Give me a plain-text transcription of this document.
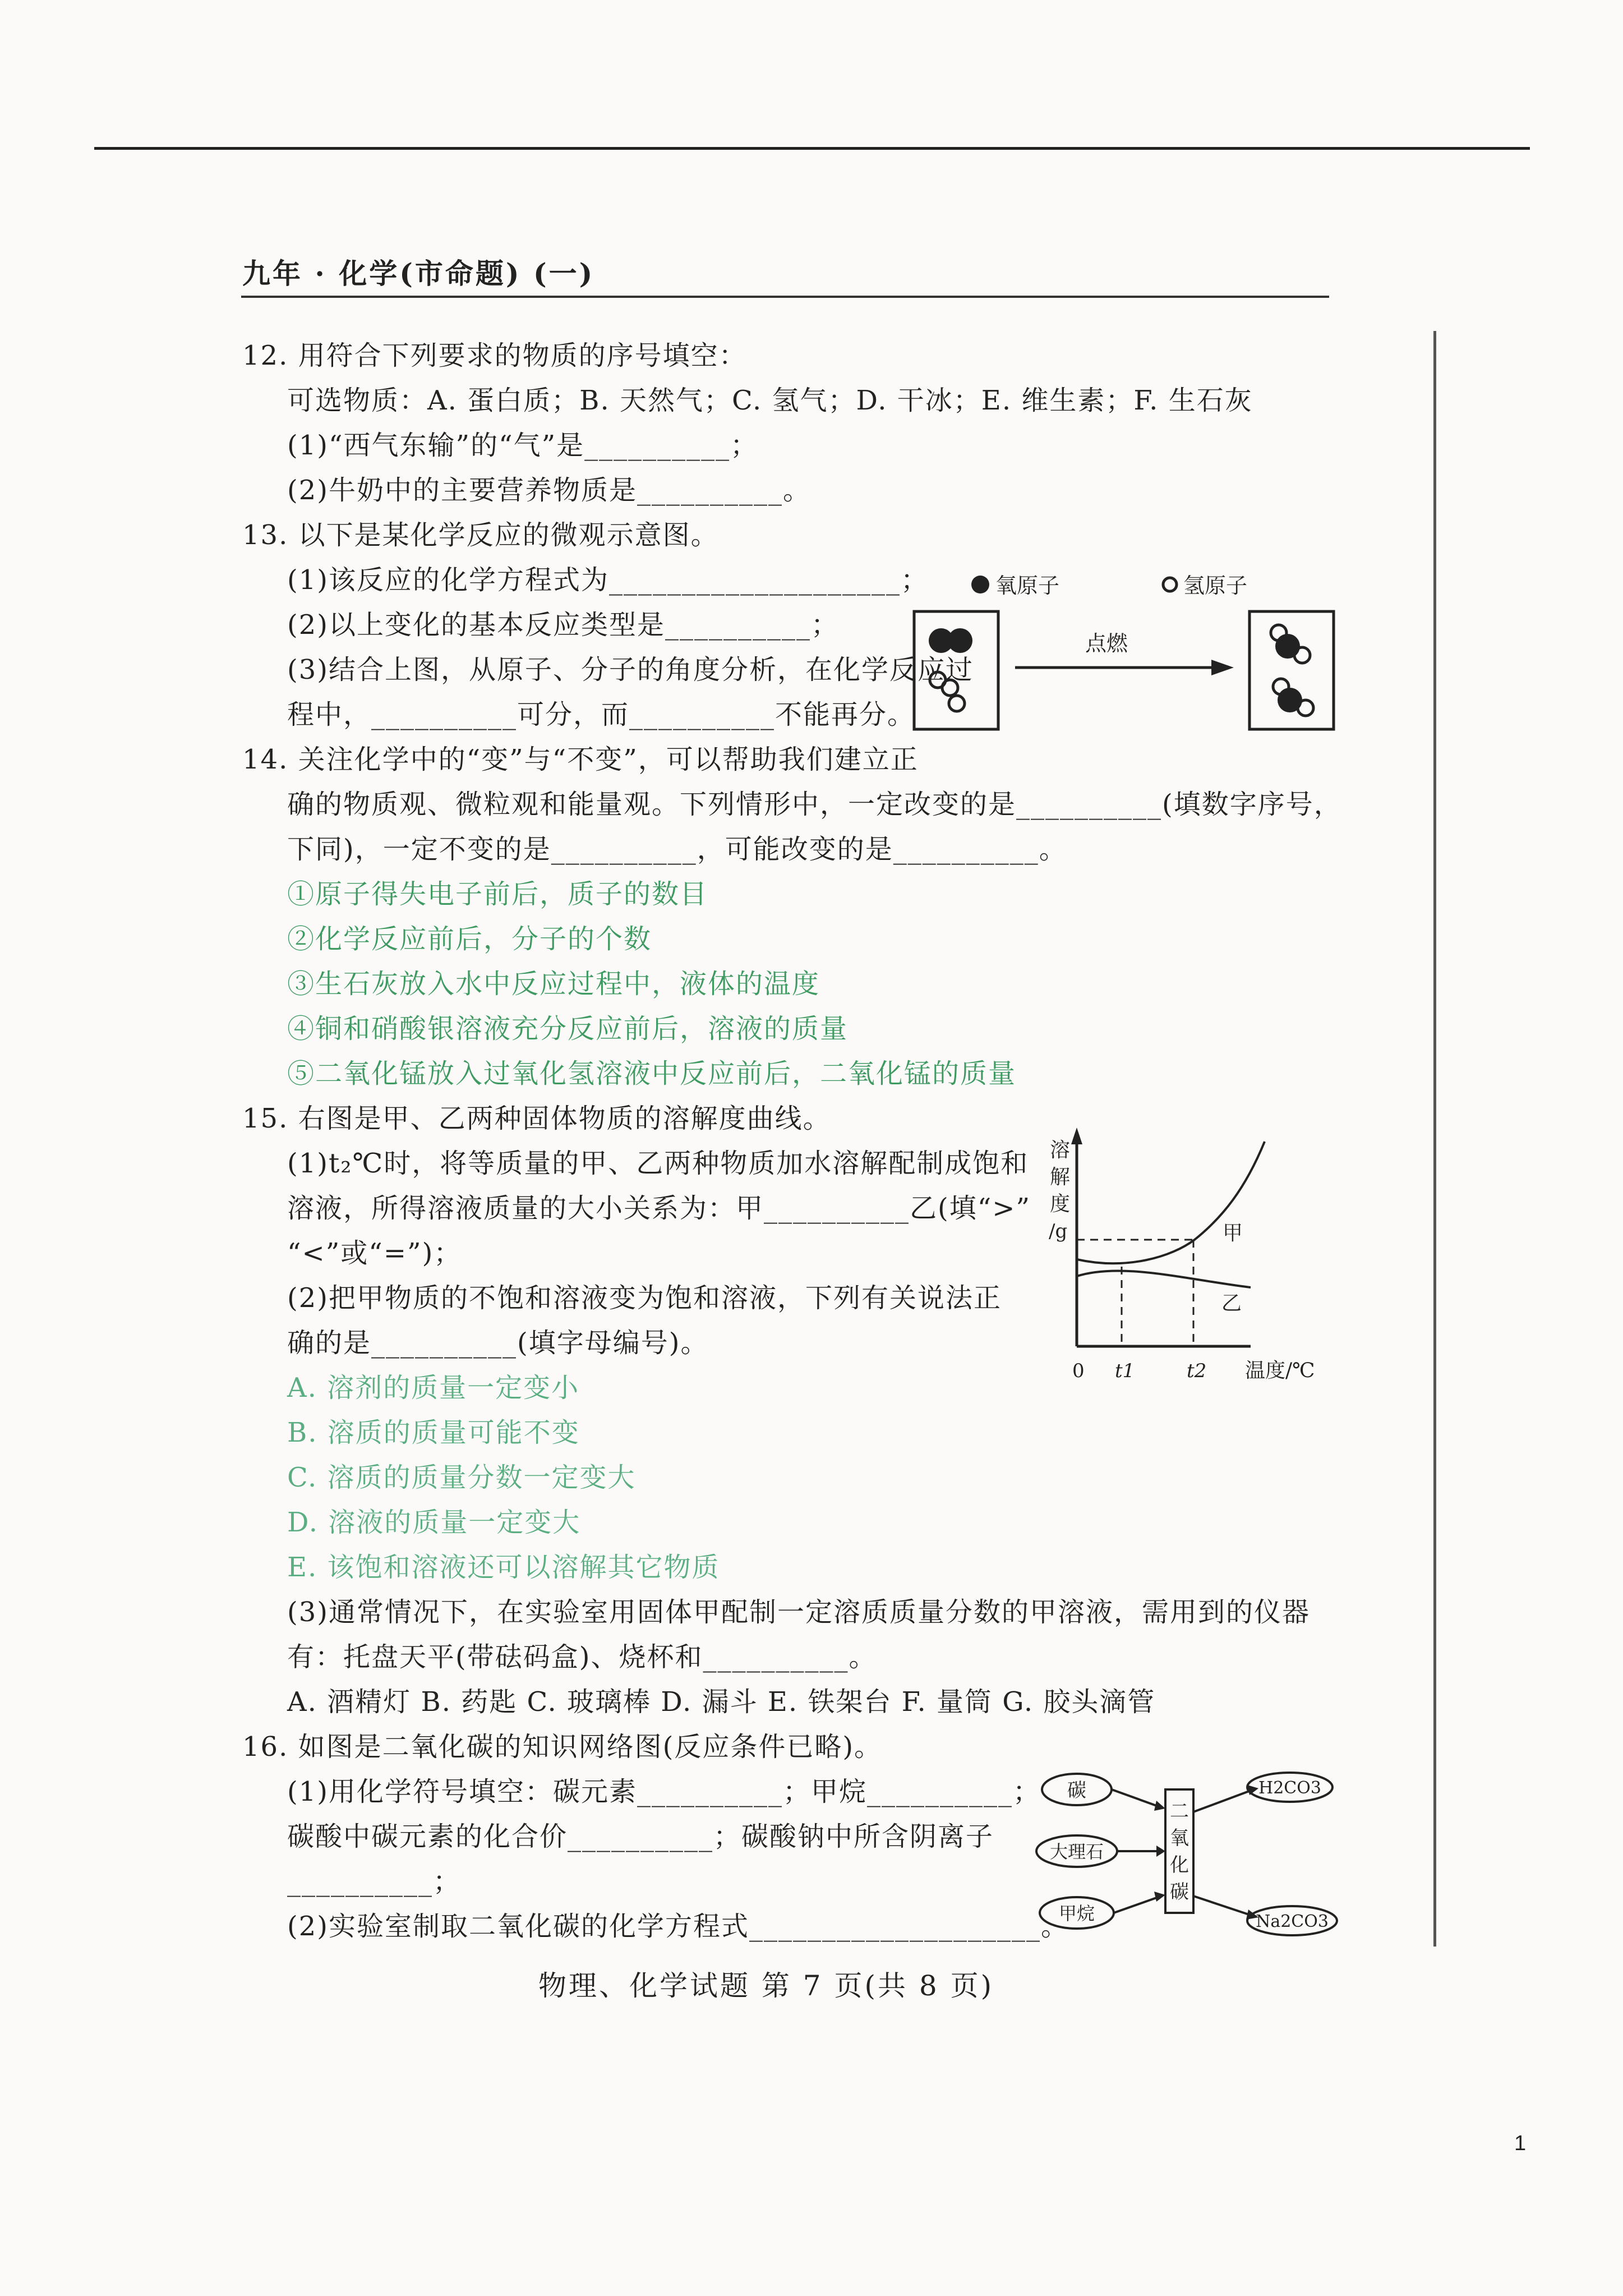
九年 · 化学(市命题) (一)
12. 用符合下列要求的物质的序号填空：
可选物质：A. 蛋白质；B. 天然气；C. 氢气；D. 干冰；E. 维生素；F. 生石灰
(1)“西气东输”的“气”是__________；
(2)牛奶中的主要营养物质是__________。
13. 以下是某化学反应的微观示意图。
(1)该反应的化学方程式为____________________；
(2)以上变化的基本反应类型是__________；
(3)结合上图，从原子、分子的角度分析，在化学反应过
程中，__________可分，而__________不能再分。
14. 关注化学中的“变”与“不变”，可以帮助我们建立正
确的物质观、微粒观和能量观。下列情形中，一定改变的是__________(填数字序号，
下同)，一定不变的是__________，可能改变的是__________。
①原子得失电子前后，质子的数目
②化学反应前后，分子的个数
③生石灰放入水中反应过程中，液体的温度
④铜和硝酸银溶液充分反应前后，溶液的质量
⑤二氧化锰放入过氧化氢溶液中反应前后，二氧化锰的质量
15. 右图是甲、乙两种固体物质的溶解度曲线。
(1)t₂℃时，将等质量的甲、乙两种物质加水溶解配制成饱和
溶液，所得溶液质量的大小关系为：甲__________乙(填“>”
“<”或“=”)；
(2)把甲物质的不饱和溶液变为饱和溶液，下列有关说法正
确的是__________(填字母编号)。
A. 溶剂的质量一定变小
B. 溶质的质量可能不变
C. 溶质的质量分数一定变大
D. 溶液的质量一定变大
E. 该饱和溶液还可以溶解其它物质
(3)通常情况下，在实验室用固体甲配制一定溶质质量分数的甲溶液，需用到的仪器
有：托盘天平(带砝码盒)、烧杯和__________。
A. 酒精灯 B. 药匙 C. 玻璃棒 D. 漏斗 E. 铁架台 F. 量筒 G. 胶头滴管
16. 如图是二氧化碳的知识网络图(反应条件已略)。
(1)用化学符号填空：碳元素__________；甲烷__________；
碳酸中碳元素的化合价__________；碳酸钠中所含阴离子
__________；
(2)实验室制取二氧化碳的化学方程式____________________。
氧原子	氢原子
点燃
溶
解
度
/g	甲
乙
0 t1	t2 温度/℃
碳
大理石
甲烷
二
氧
化
碳
H2CO3
Na2CO3
物理、化学试题 第 7 页(共 8 页)
1
